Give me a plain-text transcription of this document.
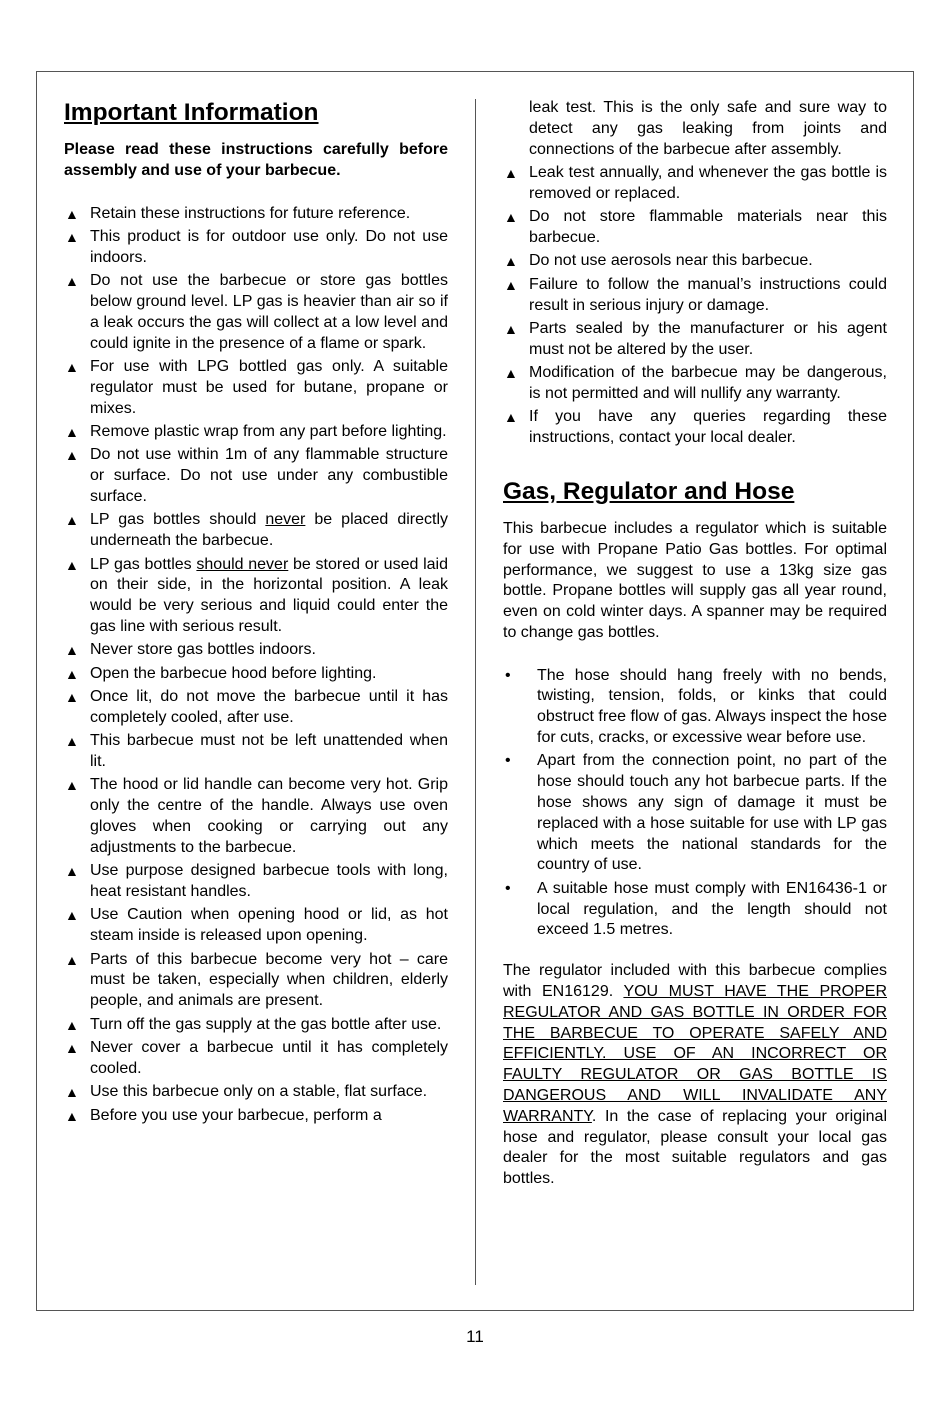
Important Information

Please read these instructions carefully before assembly and use of your barbecue.

▲ Retain these instructions for future reference.
▲ This product is for outdoor use only. Do not use indoors.
▲ Do not use the barbecue or store gas bottles below ground level. LP gas is heavier than air so if a leak occurs the gas will collect at a low level and could ignite in the presence of a flame or spark.
▲ For use with LPG bottled gas only. A suitable regulator must be used for butane, propane or mixes.
▲ Remove plastic wrap from any part before lighting.
▲ Do not use within 1m of any flammable structure or surface. Do not use under any combustible surface.
▲ LP gas bottles should never be placed directly underneath the barbecue.
▲ LP gas bottles should never be stored or used laid on their side, in the horizontal position. A leak would be very serious and liquid could enter the gas line with serious result.
▲ Never store gas bottles indoors.
▲ Open the barbecue hood before lighting.
▲ Once lit, do not move the barbecue until it has completely cooled, after use.
▲ This barbecue must not be left unattended when lit.
▲ The hood or lid handle can become very hot. Grip only the centre of the handle. Always use oven gloves when cooking or carrying out any adjustments to the barbecue.
▲ Use purpose designed barbecue tools with long, heat resistant handles.
▲ Use Caution when opening hood or lid, as hot steam inside is released upon opening.
▲ Parts of this barbecue become very hot – care must be taken, especially when children, elderly people, and animals are present.
▲ Turn off the gas supply at the gas bottle after use.
▲ Never cover a barbecue until it has completely cooled.
▲ Use this barbecue only on a stable, flat surface.
▲ Before you use your barbecue, perform a
leak test. This is the only safe and sure way to detect any gas leaking from joints and connections of the barbecue after assembly.
▲ Leak test annually, and whenever the gas bottle is removed or replaced.
▲ Do not store flammable materials near this barbecue.
▲ Do not use aerosols near this barbecue.
▲ Failure to follow the manual’s instructions could result in serious injury or damage.
▲ Parts sealed by the manufacturer or his agent must not be altered by the user.
▲ Modification of the barbecue may be dangerous, is not permitted and will nullify any warranty.
▲ If you have any queries regarding these instructions, contact your local dealer.
Gas, Regulator and Hose

This barbecue includes a regulator which is suitable for use with Propane Patio Gas bottles. For optimal performance, we suggest to use a 13kg size gas bottle. Propane bottles will supply gas all year round, even on cold winter days. A spanner may be required to change gas bottles.

• The hose should hang freely with no bends, twisting, tension, folds, or kinks that could obstruct free flow of gas. Always inspect the hose for cuts, cracks, or excessive wear before use.
• Apart from the connection point, no part of the hose should touch any hot barbecue parts. If the hose shows any sign of damage it must be replaced with a hose suitable for use with LP gas which meets the national standards for the country of use.
• A suitable hose must comply with EN16436-1 or local regulation, and the length should not exceed 1.5 metres.

The regulator included with this barbecue complies with EN16129. YOU MUST HAVE THE PROPER REGULATOR AND GAS BOTTLE IN ORDER FOR THE BARBECUE TO OPERATE SAFELY AND EFFICIENTLY. USE OF AN INCORRECT OR FAULTY REGULATOR OR GAS BOTTLE IS DANGEROUS AND WILL INVALIDATE ANY WARRANTY. In the case of replacing your original hose and regulator, please consult your local gas dealer for the most suitable regulators and gas bottles.

11
